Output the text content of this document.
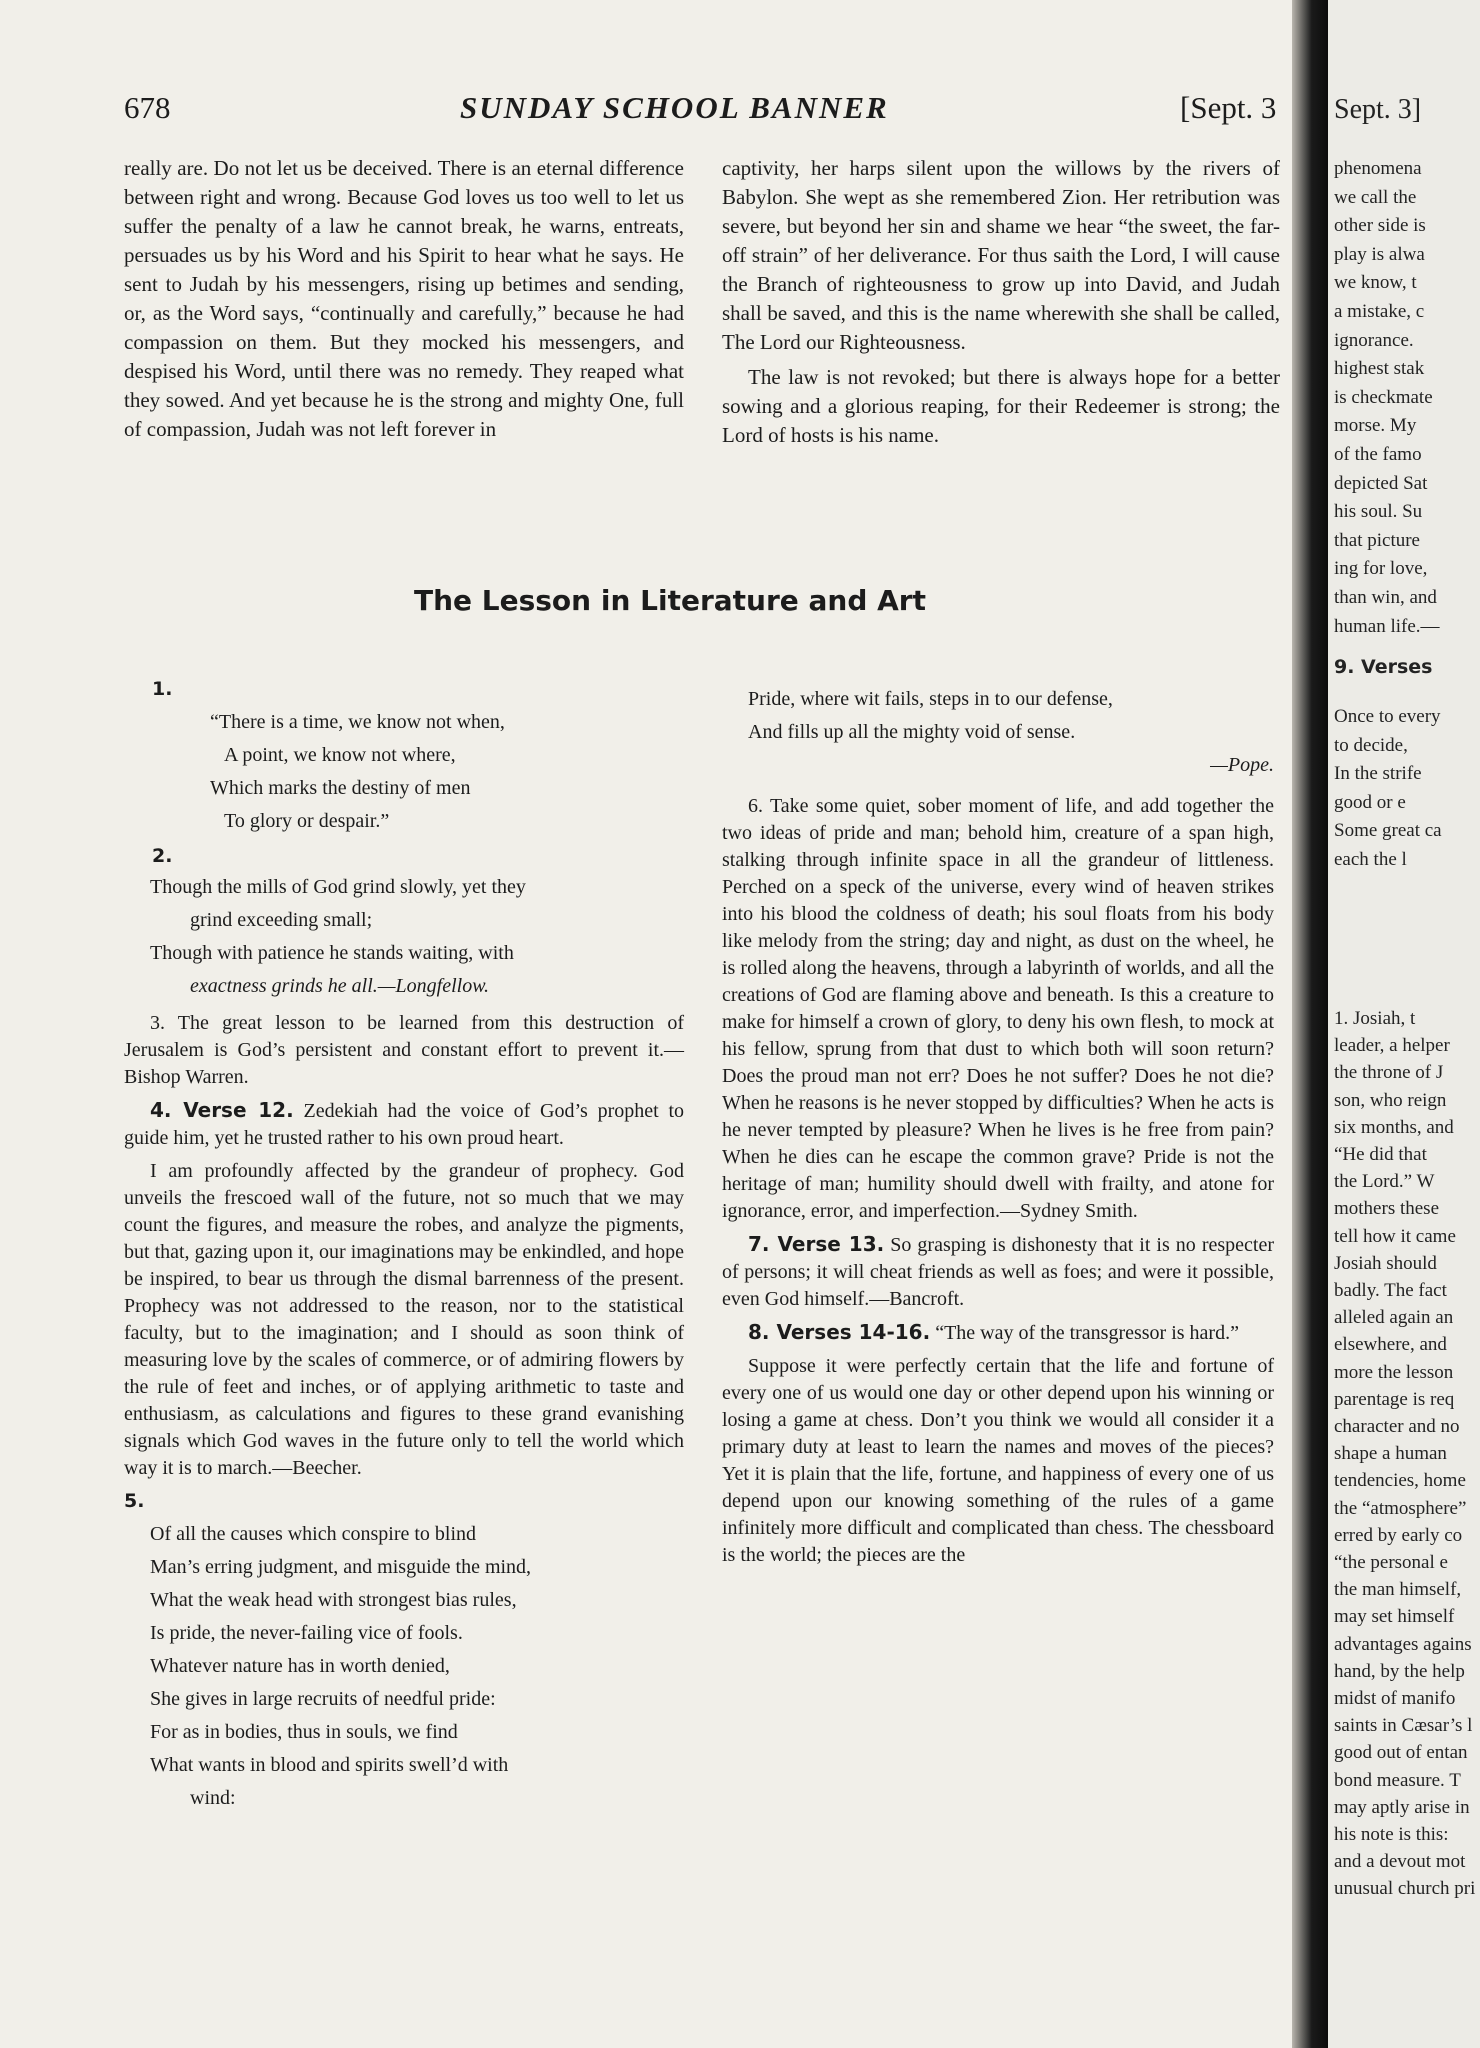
678	SUNDAY SCHOOL BANNER	[Sept. 3

really are. Do not let us be deceived. There is an eternal difference between right and wrong. Because God loves us too well to let us suffer the penalty of a law he cannot break, he warns, entreats, persuades us by his Word and his Spirit to hear what he says. He sent to Judah by his messengers, rising up betimes and sending, or, as the Word says, “continually and carefully,” because he had compassion on them. But they mocked his messengers, and despised his Word, until there was no remedy. They reaped what they sowed. And yet because he is the strong and mighty One, full of compassion, Judah was not left forever in

captivity, her harps silent upon the willows by the rivers of Babylon. She wept as she remembered Zion. Her retribution was severe, but beyond her sin and shame we hear “the sweet, the far-off strain” of her deliverance. For thus saith the Lord, I will cause the Branch of righteousness to grow up into David, and Judah shall be saved, and this is the name wherewith she shall be called, The Lord our Righteousness.

The law is not revoked; but there is always hope for a better sowing and a glorious reaping, for their Redeemer is strong; the Lord of hosts is his name.

The Lesson in Literature and Art
1.

“There is a time, we know not when,

A point, we know not where,

Which marks the destiny of men

To glory or despair.”

2.

Though the mills of God grind slowly, yet they

grind exceeding small;

Though with patience he stands waiting, with

exactness grinds he all.—Longfellow.

3. The great lesson to be learned from this destruction of Jerusalem is God’s persistent and constant effort to prevent it.—Bishop Warren.

4. Verse 12. Zedekiah had the voice of God’s prophet to guide him, yet he trusted rather to his own proud heart.

I am profoundly affected by the grandeur of prophecy. God unveils the frescoed wall of the future, not so much that we may count the figures, and measure the robes, and analyze the pigments, but that, gazing upon it, our imaginations may be enkindled, and hope be inspired, to bear us through the dismal barrenness of the present. Prophecy was not addressed to the reason, nor to the statistical faculty, but to the imagination; and I should as soon think of measuring love by the scales of commerce, or of admiring flowers by the rule of feet and inches, or of applying arithmetic to taste and enthusiasm, as calculations and figures to these grand evanishing signals which God waves in the future only to tell the world which way it is to march.—Beecher.

5.

Of all the causes which conspire to blind

Man’s erring judgment, and misguide the mind,

What the weak head with strongest bias rules,

Is pride, the never-failing vice of fools.

Whatever nature has in worth denied,

She gives in large recruits of needful pride:

For as in bodies, thus in souls, we find

What wants in blood and spirits swell’d with

wind:

Pride, where wit fails, steps in to our defense,

And fills up all the mighty void of sense.

—Pope.

6. Take some quiet, sober moment of life, and add together the two ideas of pride and man; behold him, creature of a span high, stalking through infinite space in all the grandeur of littleness. Perched on a speck of the universe, every wind of heaven strikes into his blood the coldness of death; his soul floats from his body like melody from the string; day and night, as dust on the wheel, he is rolled along the heavens, through a labyrinth of worlds, and all the creations of God are flaming above and beneath. Is this a creature to make for himself a crown of glory, to deny his own flesh, to mock at his fellow, sprung from that dust to which both will soon return? Does the proud man not err? Does he not suffer? Does he not die? When he reasons is he never stopped by difficulties? When he acts is he never tempted by pleasure? When he lives is he free from pain? When he dies can he escape the common grave? Pride is not the heritage of man; humility should dwell with frailty, and atone for ignorance, error, and imperfection.—Sydney Smith.

7. Verse 13. So grasping is dishonesty that it is no respecter of persons; it will cheat friends as well as foes; and were it possible, even God himself.—Bancroft.

8. Verses 14-16. “The way of the transgressor is hard.”

Suppose it were perfectly certain that the life and fortune of every one of us would one day or other depend upon his winning or losing a game at chess. Don’t you think we would all consider it a primary duty at least to learn the names and moves of the pieces? Yet it is plain that the life, fortune, and happiness of every one of us depend upon our knowing something of the rules of a game infinitely more difficult and complicated than chess. The chessboard is the world; the pieces are the

Sept. 3]
phenomena
we call the
other side is
play is alwa
we know, t
a mistake, c
ignorance.
highest stak
is checkmate
morse. My
of the famo
depicted Sat
his soul. Su
that picture
ing for love,
than win, and
human life.—
9. Verses
Once to every
to decide,
In the strife
good or e
Some great ca
each the l
1. Josiah, t
leader, a helper
the throne of J
son, who reign
six months, and
“He did that
the Lord.” W
mothers these
tell how it came
Josiah should
badly. The fact
alleled again an
elsewhere, and
more the lesson
parentage is req
character and no
shape a human
tendencies, home
the “atmosphere”
erred by early co
“the personal e
the man himself,
may set himself
advantages agains
hand, by the help
midst of manifo
saints in Cæsar’s l
good out of entan
bond measure. T
may aptly arise in
his note is this:
and a devout mot
unusual church pri
